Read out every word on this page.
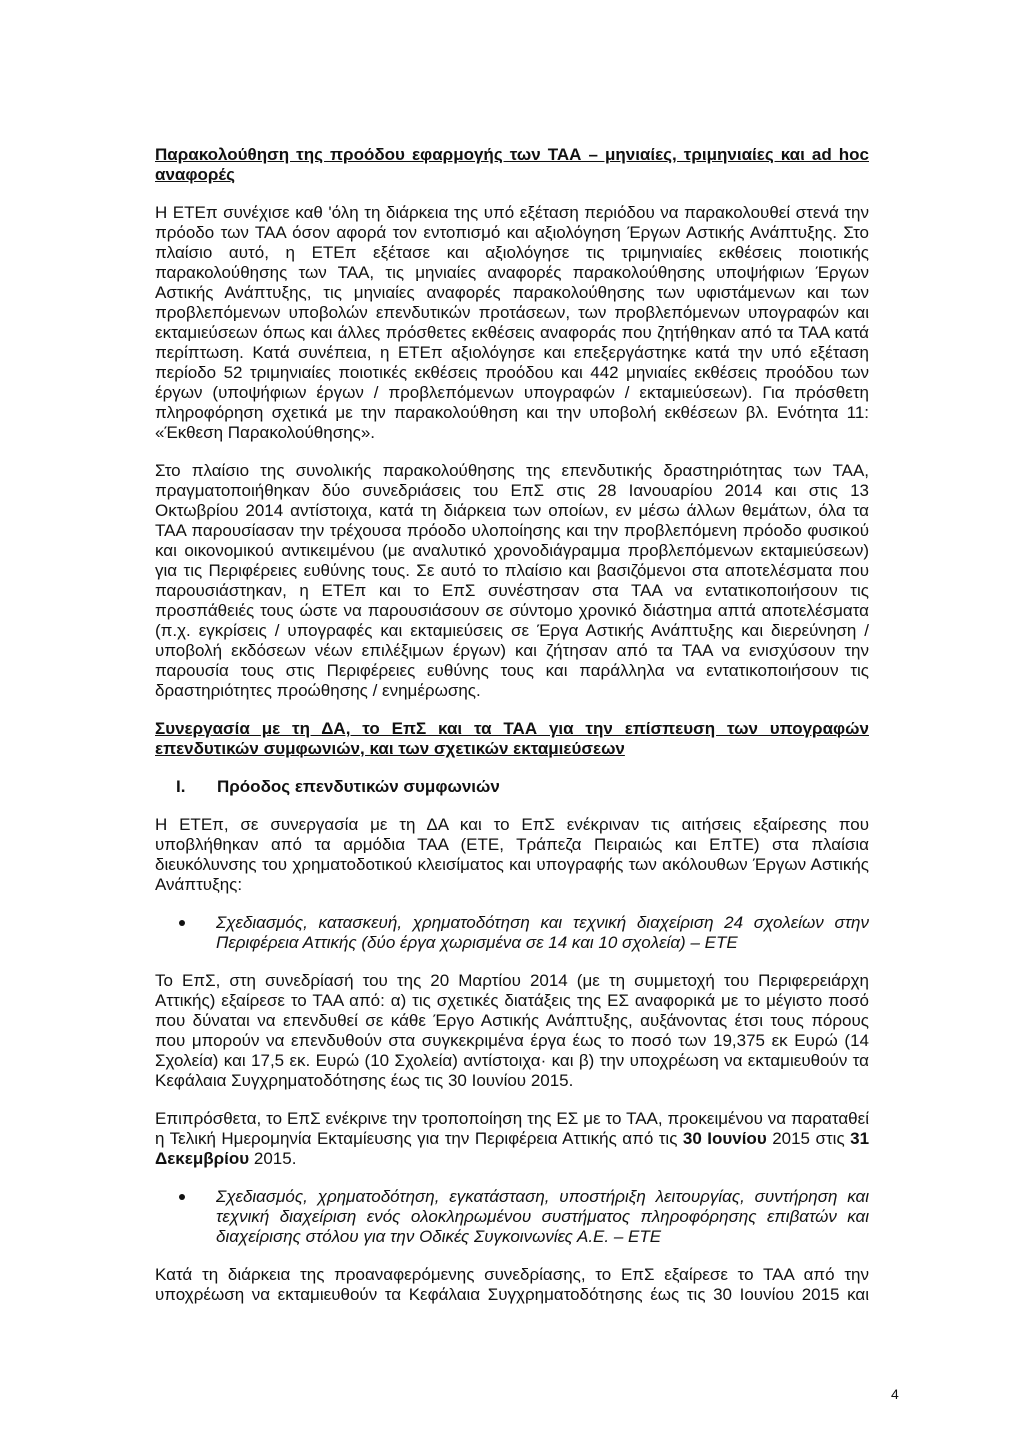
Παρακολούθηση της προόδου εφαρμογής των ΤΑΑ – μηνιαίες, τριμηνιαίες και ad hoc αναφορές

Η ΕΤΕπ συνέχισε καθ 'όλη τη διάρκεια της υπό εξέταση περιόδου να παρακολουθεί στενά την πρόοδο των ΤΑΑ όσον αφορά τον εντοπισμό και αξιολόγηση Έργων Αστικής Ανάπτυξης. Στο πλαίσιο αυτό, η ΕΤΕπ εξέτασε και αξιολόγησε τις τριμηνιαίες εκθέσεις ποιοτικής παρακολούθησης των ΤΑΑ, τις μηνιαίες αναφορές παρακολούθησης υποψήφιων Έργων Αστικής Ανάπτυξης, τις μηνιαίες αναφορές παρακολούθησης των υφιστάμενων και των προβλεπόμενων υποβολών επενδυτικών προτάσεων, των προβλεπόμενων υπογραφών και εκταμιεύσεων όπως και άλλες πρόσθετες εκθέσεις αναφοράς που ζητήθηκαν από τα ΤΑΑ κατά περίπτωση. Κατά συνέπεια, η ΕΤΕπ αξιολόγησε και επεξεργάστηκε κατά την υπό εξέταση περίοδο 52 τριμηνιαίες ποιοτικές εκθέσεις προόδου και 442 μηνιαίες εκθέσεις προόδου των έργων (υποψήφιων έργων / προβλεπόμενων υπογραφών / εκταμιεύσεων). Για πρόσθετη πληροφόρηση σχετικά με την παρακολούθηση και την υποβολή εκθέσεων βλ. Ενότητα 11: «Έκθεση Παρακολούθησης».

Στο πλαίσιο της συνολικής παρακολούθησης της επενδυτικής δραστηριότητας των ΤΑΑ, πραγματοποιήθηκαν δύο συνεδριάσεις του ΕπΣ στις 28 Ιανουαρίου 2014 και στις 13 Οκτωβρίου 2014 αντίστοιχα, κατά τη διάρκεια των οποίων, εν μέσω άλλων θεμάτων, όλα τα ΤΑΑ παρουσίασαν την τρέχουσα πρόοδο υλοποίησης και την προβλεπόμενη πρόοδο φυσικού και οικονομικού αντικειμένου (με αναλυτικό χρονοδιάγραμμα προβλεπόμενων εκταμιεύσεων) για τις Περιφέρειες ευθύνης τους. Σε αυτό το πλαίσιο και βασιζόμενοι στα αποτελέσματα που παρουσιάστηκαν, η ΕΤΕπ και το ΕπΣ συνέστησαν στα ΤΑΑ να εντατικοποιήσουν τις προσπάθειές τους ώστε να παρουσιάσουν σε σύντομο χρονικό διάστημα απτά αποτελέσματα (π.χ. εγκρίσεις / υπογραφές και εκταμιεύσεις σε Έργα Αστικής Ανάπτυξης και διερεύνηση / υποβολή εκδόσεων νέων επιλέξιμων έργων) και ζήτησαν από τα ΤΑΑ να ενισχύσουν την παρουσία τους στις Περιφέρειες ευθύνης τους και παράλληλα να εντατικοποιήσουν τις δραστηριότητες προώθησης / ενημέρωσης.

Συνεργασία με τη ΔΑ, το ΕπΣ και τα ΤΑΑ για την επίσπευση των υπογραφών επενδυτικών συμφωνιών, και των σχετικών εκταμιεύσεων
I.	Πρόοδος επενδυτικών συμφωνιών

Η ΕΤΕπ, σε συνεργασία με τη ΔΑ και το ΕπΣ ενέκριναν τις αιτήσεις εξαίρεσης που υποβλήθηκαν από τα αρμόδια ΤΑΑ (ΕΤΕ, Τράπεζα Πειραιώς και ΕπΤΕ) στα πλαίσια διευκόλυνσης του χρηματοδοτικού κλεισίματος και υπογραφής των ακόλουθων Έργων Αστικής Ανάπτυξης:

Σχεδιασμός, κατασκευή, χρηματοδότηση και τεχνική διαχείριση 24 σχολείων στην Περιφέρεια Αττικής (δύο έργα χωρισμένα σε 14 και 10 σχολεία) – ΕΤΕ

Το ΕπΣ, στη συνεδρίασή του της 20 Μαρτίου 2014 (με τη συμμετοχή του Περιφερειάρχη Αττικής) εξαίρεσε το ΤΑΑ από: α) τις σχετικές διατάξεις της ΕΣ αναφορικά με το μέγιστο ποσό που δύναται να επενδυθεί σε κάθε Έργο Αστικής Ανάπτυξης, αυξάνοντας έτσι τους πόρους που μπορούν να επενδυθούν στα συγκεκριμένα έργα έως το ποσό των 19,375 εκ Ευρώ (14 Σχολεία) και 17,5 εκ. Ευρώ (10 Σχολεία) αντίστοιχα· και β) την υποχρέωση να εκταμιευθούν τα Κεφάλαια Συγχρηματοδότησης έως τις 30 Ιουνίου 2015.

Επιπρόσθετα, το ΕπΣ ενέκρινε την τροποποίηση της ΕΣ με το ΤΑΑ, προκειμένου να παραταθεί η Τελική Ημερομηνία Εκταμίευσης για την Περιφέρεια Αττικής από τις 30 Ιουνίου 2015 στις 31 Δεκεμβρίου 2015.

Σχεδιασμός, χρηματοδότηση, εγκατάσταση, υποστήριξη λειτουργίας, συντήρηση και τεχνική διαχείριση ενός ολοκληρωμένου συστήματος πληροφόρησης επιβατών και διαχείρισης στόλου για την Οδικές Συγκοινωνίες Α.Ε. – ΕΤΕ

Κατά τη διάρκεια της προαναφερόμενης συνεδρίασης, το ΕπΣ εξαίρεσε το ΤΑΑ από την υποχρέωση να εκταμιευθούν τα Κεφάλαια Συγχρηματοδότησης έως τις 30 Ιουνίου 2015 και

4
